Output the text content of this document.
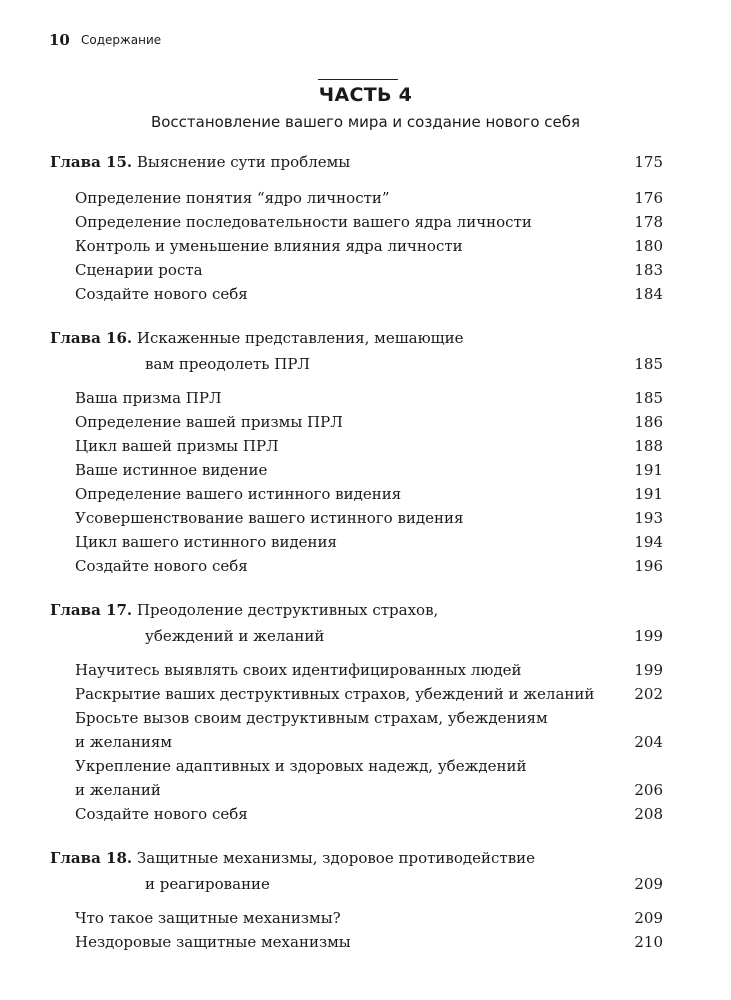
10 Содержание
ЧАСТЬ 4
Восстановление вашего мира и создание нового себя
Глава 15. Выяснение сути проблемы	175
Определение понятия “ядро личности”	176
Определение последовательности вашего ядра личности	178
Контроль и уменьшение влияния ядра личности	180
Сценарии роста	183
Создайте нового себя	184
Глава 16. Искаженные представления, мешающие
вам преодолеть ПРЛ	185
Ваша призма ПРЛ	185
Определение вашей призмы ПРЛ	186
Цикл вашей призмы ПРЛ	188
Ваше истинное видение	191
Определение вашего истинного видения	191
Усовершенствование вашего истинного видения	193
Цикл вашего истинного видения	194
Создайте нового себя	196
Глава 17. Преодоление деструктивных страхов,
убеждений и желаний	199
Научитесь выявлять своих идентифицированных людей	199
Раскрытие ваших деструктивных страхов, убеждений и желаний	202
Бросьте вызов своим деструктивным страхам, убеждениям
и желаниям	204
Укрепление адаптивных и здоровых надежд, убеждений
и желаний	206
Создайте нового себя	208
Глава 18. Защитные механизмы, здоровое противодействие
и реагирование	209
Что такое защитные механизмы?	209
Нездоровые защитные механизмы	210
